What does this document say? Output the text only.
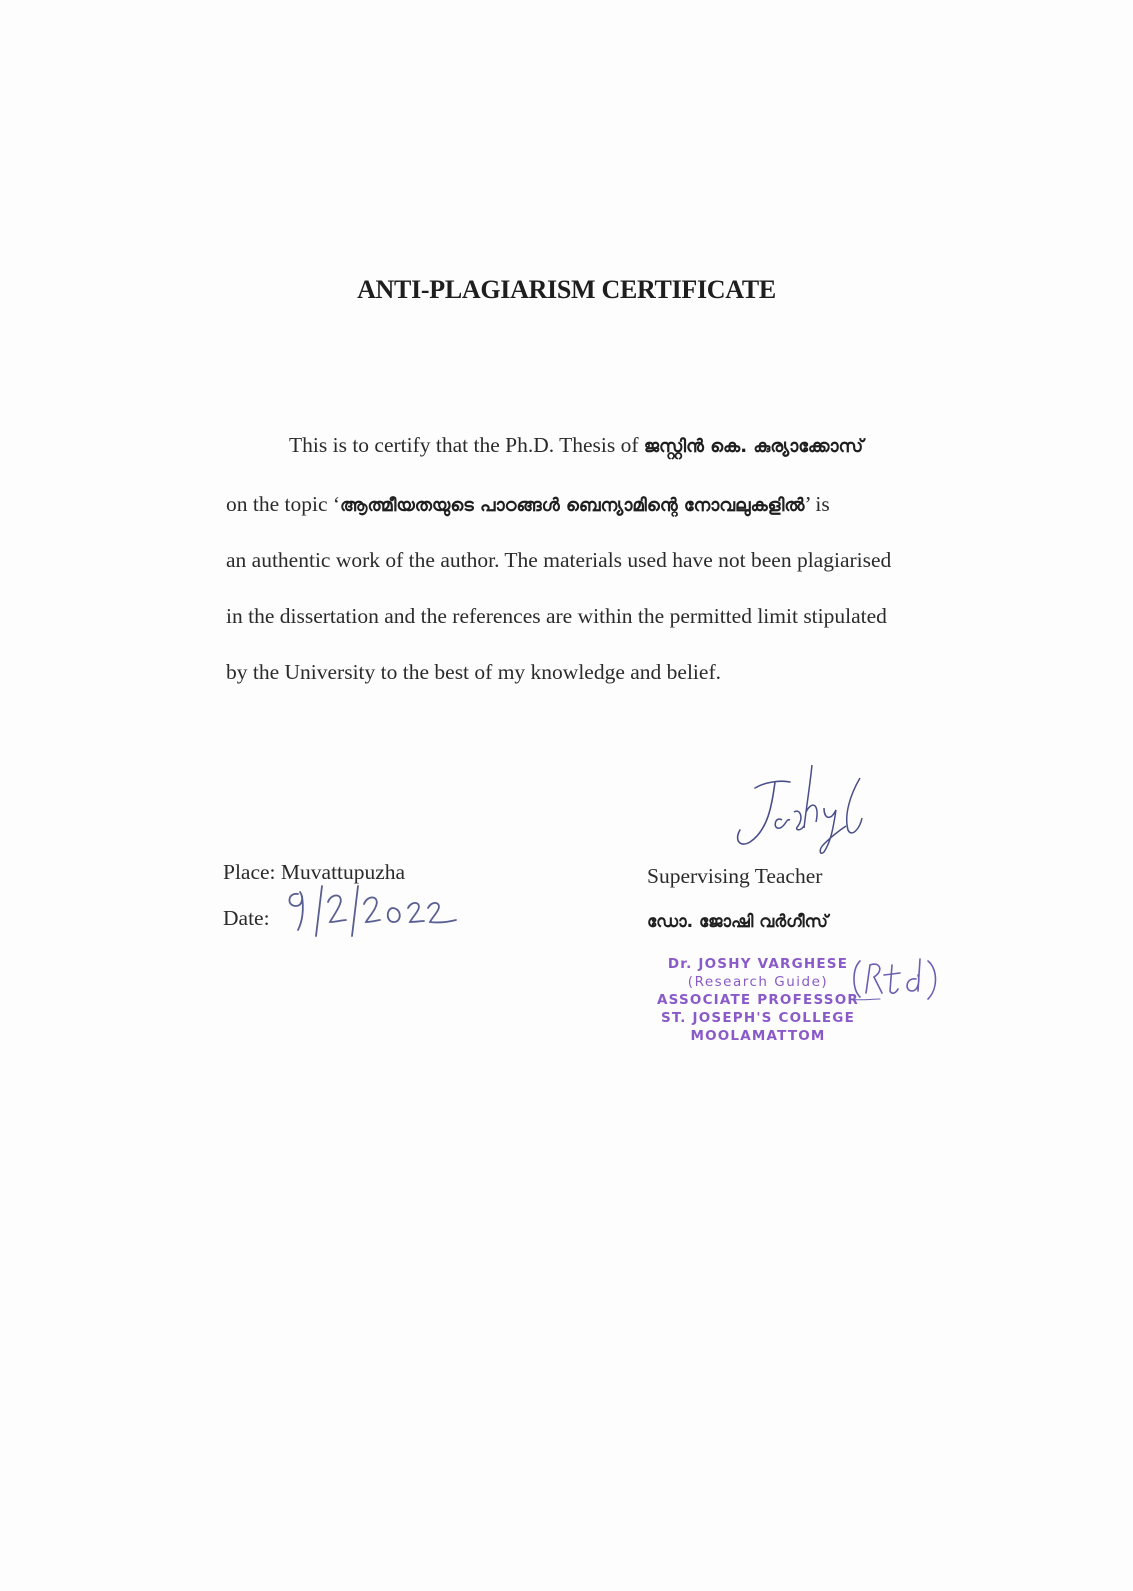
ANTI-PLAGIARISM CERTIFICATE
This is to certify that the Ph.D. Thesis of ജസ്റ്റിൻ കെ. കുര്യാക്കോസ്
on the topic ‘ആത്മീയതയുടെ പാഠങ്ങൾ ബെന്യാമിന്റെ നോവലുകളിൽ’ is
an authentic work of the author. The materials used have not been plagiarised
in the dissertation and the references are within the permitted limit stipulated
by the University to the best of my knowledge and belief.
Place: Muvattupuzha
Date:
Supervising Teacher
ഡോ. ജോഷി വർഗീസ്
Dr. JOSHY VARGHESE
(Research Guide)
ASSOCIATE PROFESSOR
ST. JOSEPH'S COLLEGE
MOOLAMATTOM
